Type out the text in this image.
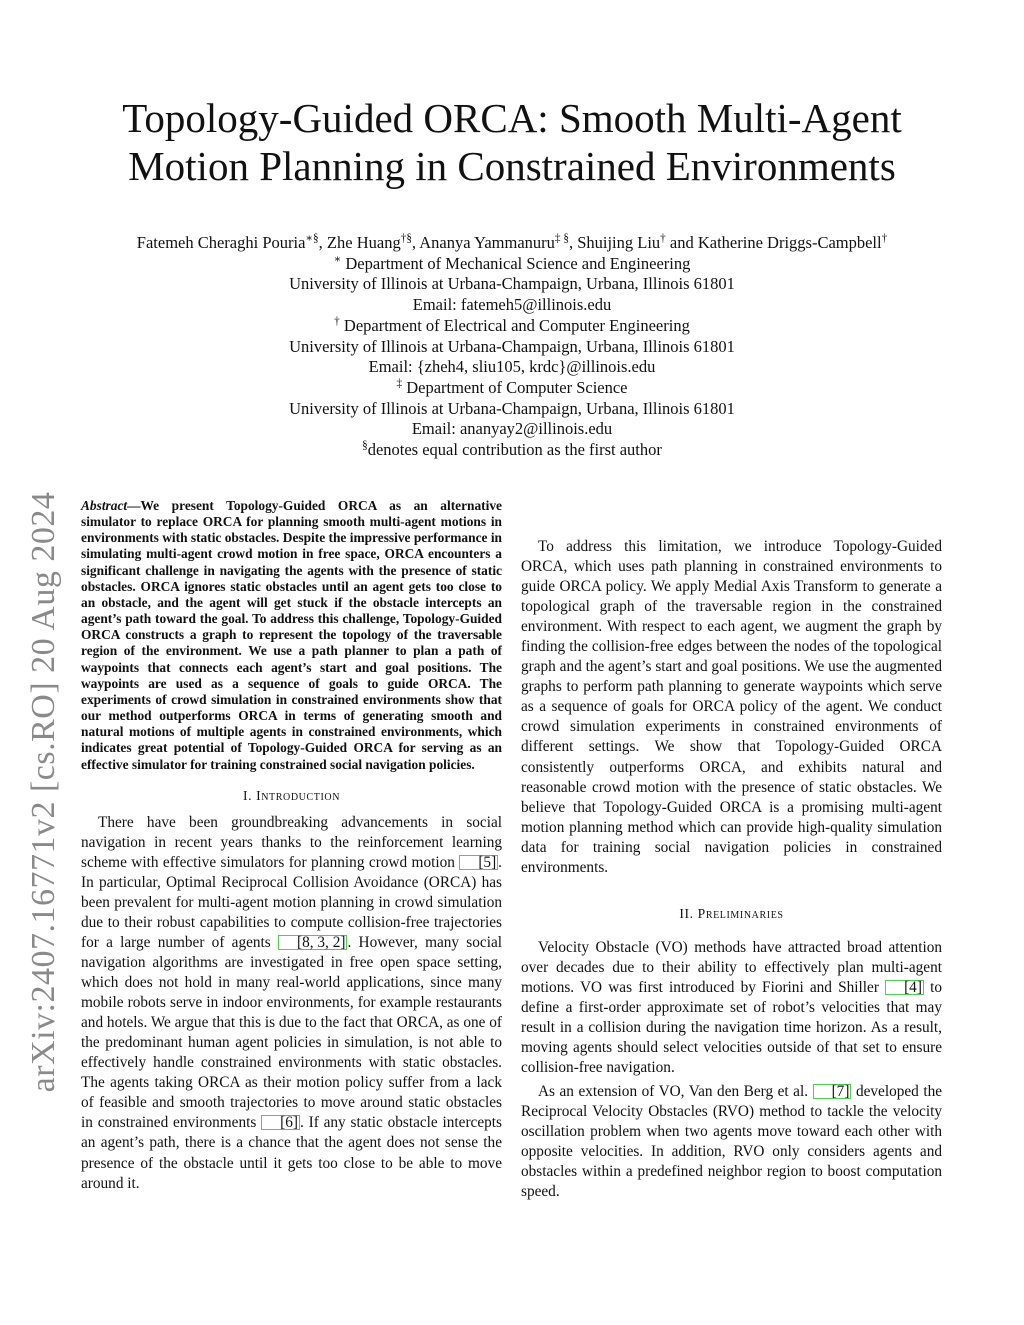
arXiv:2407.16771v2 [cs.RO] 20 Aug 2024
Topology-Guided ORCA: Smooth Multi-Agent Motion Planning in Constrained Environments
Fatemeh Cheraghi Pouria∗§, Zhe Huang†§, Ananya Yammanuru‡ §, Shuijing Liu† and Katherine Driggs-Campbell†
∗ Department of Mechanical Science and Engineering
University of Illinois at Urbana-Champaign, Urbana, Illinois 61801
Email: fatemeh5@illinois.edu
† Department of Electrical and Computer Engineering
University of Illinois at Urbana-Champaign, Urbana, Illinois 61801
Email: {zheh4, sliu105, krdc}@illinois.edu
‡ Department of Computer Science
University of Illinois at Urbana-Champaign, Urbana, Illinois 61801
Email: ananyay2@illinois.edu
§denotes equal contribution as the first author

Abstract—We present Topology-Guided ORCA as an alternative simulator to replace ORCA for planning smooth multi-agent motions in environments with static obstacles. Despite the impressive performance in simulating multi-agent crowd motion in free space, ORCA encounters a significant challenge in navigating the agents with the presence of static obstacles. ORCA ignores static obstacles until an agent gets too close to an obstacle, and the agent will get stuck if the obstacle intercepts an agent’s path toward the goal. To address this challenge, Topology-Guided ORCA constructs a graph to represent the topology of the traversable region of the environment. We use a path planner to plan a path of waypoints that connects each agent’s start and goal positions. The waypoints are used as a sequence of goals to guide ORCA. The experiments of crowd simulation in constrained environments show that our method outperforms ORCA in terms of generating smooth and natural motions of multiple agents in constrained environments, which indicates great potential of Topology-Guided ORCA for serving as an effective simulator for training constrained social navigation policies.

I. Introduction

There have been groundbreaking advancements in social navigation in recent years thanks to the reinforcement learning scheme with effective simulators for planning crowd motion [5] . In particular, Optimal Reciprocal Collision Avoidance (ORCA) has been prevalent for multi-agent motion planning in crowd simulation due to their robust capabilities to compute collision-free trajectories for a large number of agents [8, 3, 2] . However, many social navigation algorithms are investigated in free open space setting, which does not hold in many real-world applications, since many mobile robots serve in indoor environments, for example restaurants and hotels. We argue that this is due to the fact that ORCA, as one of the predominant human agent policies in simulation, is not able to effectively handle constrained environments with static obstacles. The agents taking ORCA as their motion policy suffer from a lack of feasible and smooth trajectories to move around static obstacles in constrained environments [6] . If any static obstacle intercepts an agent’s path, there is a chance that the agent does not sense the presence of the obstacle until it gets too close to be able to move around it.

To address this limitation, we introduce Topology-Guided ORCA, which uses path planning in constrained environments to guide ORCA policy. We apply Medial Axis Transform to generate a topological graph of the traversable region in the constrained environment. With respect to each agent, we augment the graph by finding the collision-free edges between the nodes of the topological graph and the agent’s start and goal positions. We use the augmented graphs to perform path planning to generate waypoints which serve as a sequence of goals for ORCA policy of the agent. We conduct crowd simulation experiments in constrained environments of different settings. We show that Topology-Guided ORCA consistently outperforms ORCA, and exhibits natural and reasonable crowd motion with the presence of static obstacles. We believe that Topology-Guided ORCA is a promising multi-agent motion planning method which can provide high-quality simulation data for training social navigation policies in constrained environments.

II. Preliminaries

Velocity Obstacle (VO) methods have attracted broad attention over decades due to their ability to effectively plan multi-agent motions. VO was first introduced by Fiorini and Shiller [4] to define a first-order approximate set of robot’s velocities that may result in a collision during the navigation time horizon. As a result, moving agents should select velocities outside of that set to ensure collision-free navigation.

As an extension of VO, Van den Berg et al. [7] developed the Reciprocal Velocity Obstacles (RVO) method to tackle the velocity oscillation problem when two agents move toward each other with opposite velocities. In addition, RVO only considers agents and obstacles within a predefined neighbor region to boost computation speed.
